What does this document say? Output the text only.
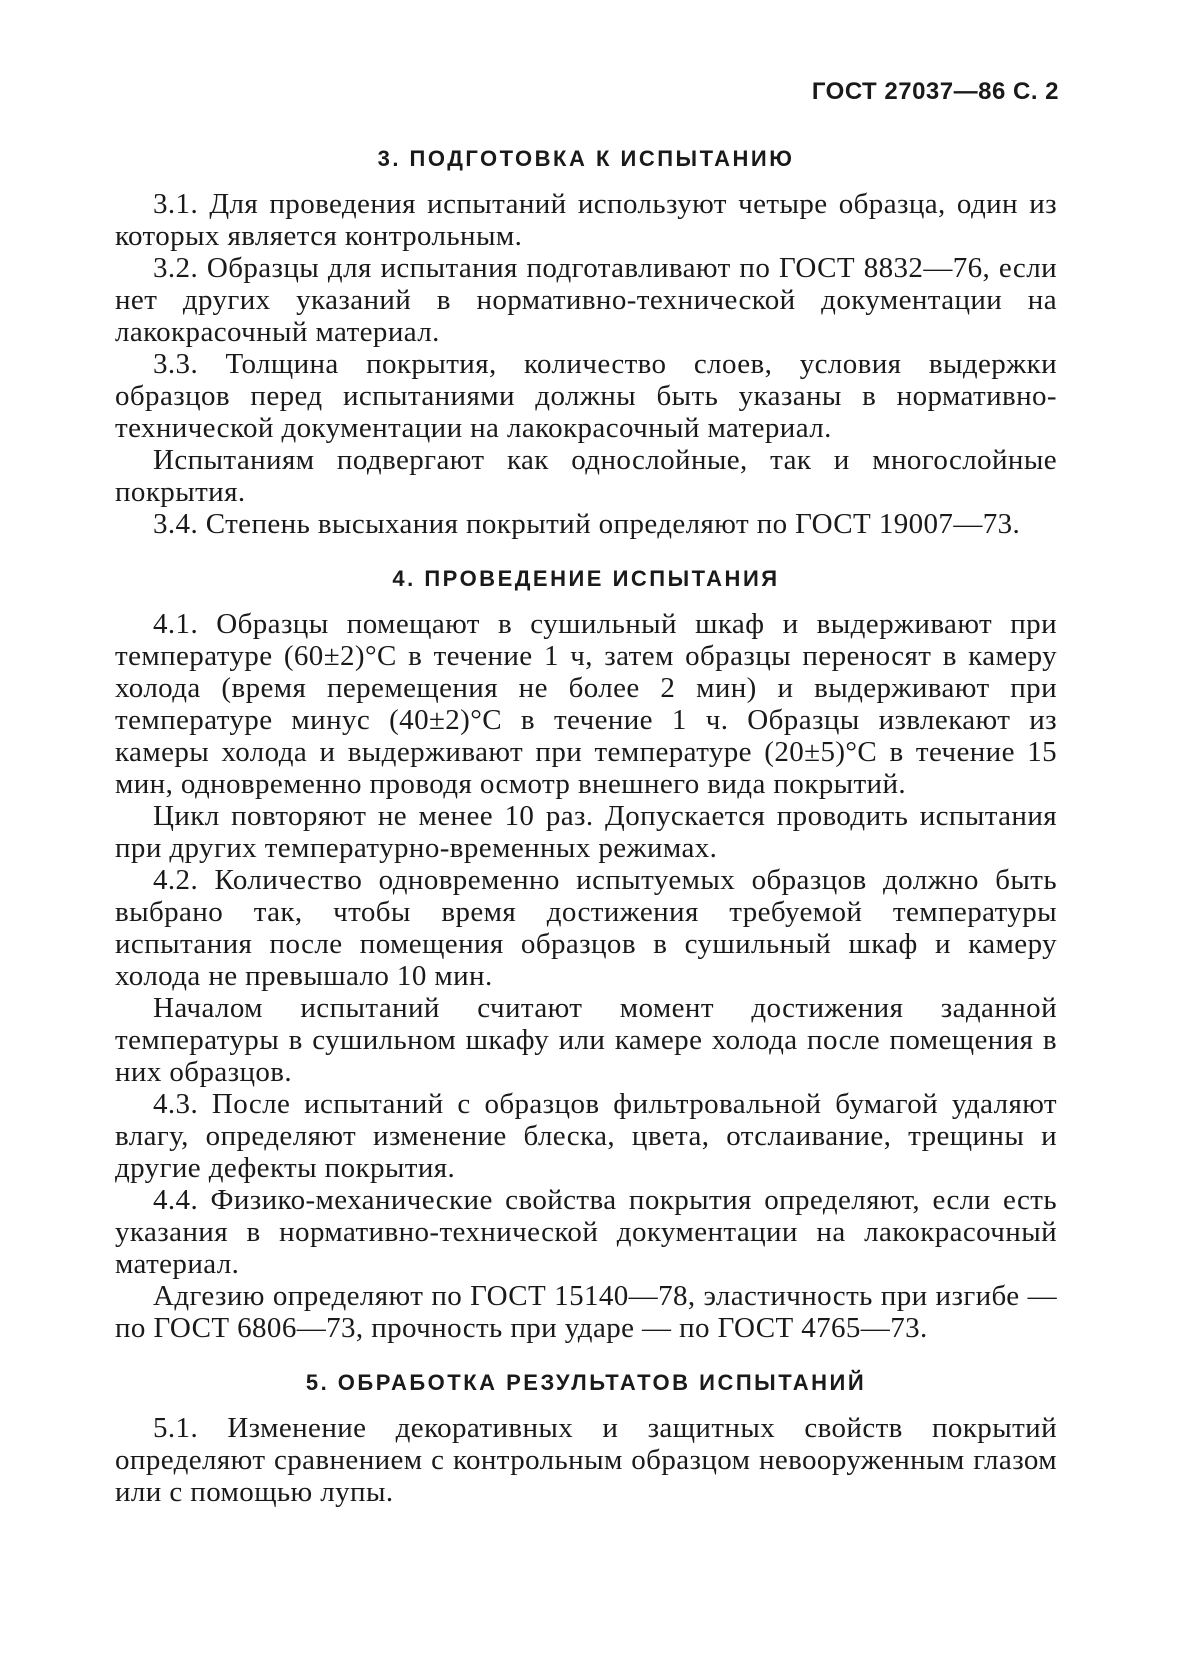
ГОСТ 27037—86 С. 2
3. ПОДГОТОВКА К ИСПЫТАНИЮ

3.1. Для проведения испытаний используют четыре образца, один из которых является контрольным.

3.2. Образцы для испытания подготавливают по ГОСТ 8832—76, если нет других указаний в нормативно-технической документации на лакокрасочный материал.

3.3. Толщина покрытия, количество слоев, условия выдержки образцов перед испытаниями должны быть указаны в нормативно-технической документации на лакокрасочный материал.

Испытаниям подвергают как однослойные, так и многослойные покрытия.

3.4. Степень высыхания покрытий определяют по ГОСТ 19007—73.

4. ПРОВЕДЕНИЕ ИСПЫТАНИЯ

4.1. Образцы помещают в сушильный шкаф и выдерживают при температуре (60±2)°С в течение 1 ч, затем образцы переносят в камеру холода (время перемещения не более 2 мин) и выдерживают при температуре минус (40±2)°С в течение 1 ч. Образцы извлекают из камеры холода и выдерживают при температуре (20±5)°С в течение 15 мин, одновременно проводя осмотр внешнего вида покрытий.

Цикл повторяют не менее 10 раз. Допускается проводить испытания при других температурно-временных режимах.

4.2. Количество одновременно испытуемых образцов должно быть выбрано так, чтобы время достижения требуемой температуры испытания после помещения образцов в сушильный шкаф и камеру холода не превышало 10 мин.

Началом испытаний считают момент достижения заданной температуры в сушильном шкафу или камере холода после помещения в них образцов.

4.3. После испытаний с образцов фильтровальной бумагой удаляют влагу, определяют изменение блеска, цвета, отслаивание, трещины и другие дефекты покрытия.

4.4. Физико-механические свойства покрытия определяют, если есть указания в нормативно-технической документации на лакокрасочный материал.

Адгезию определяют по ГОСТ 15140—78, эластичность при изгибе — по ГОСТ 6806—73, прочность при ударе — по ГОСТ 4765—73.

5. ОБРАБОТКА РЕЗУЛЬТАТОВ ИСПЫТАНИЙ

5.1. Изменение декоративных и защитных свойств покрытий определяют сравнением с контрольным образцом невооруженным глазом или с помощью лупы.
